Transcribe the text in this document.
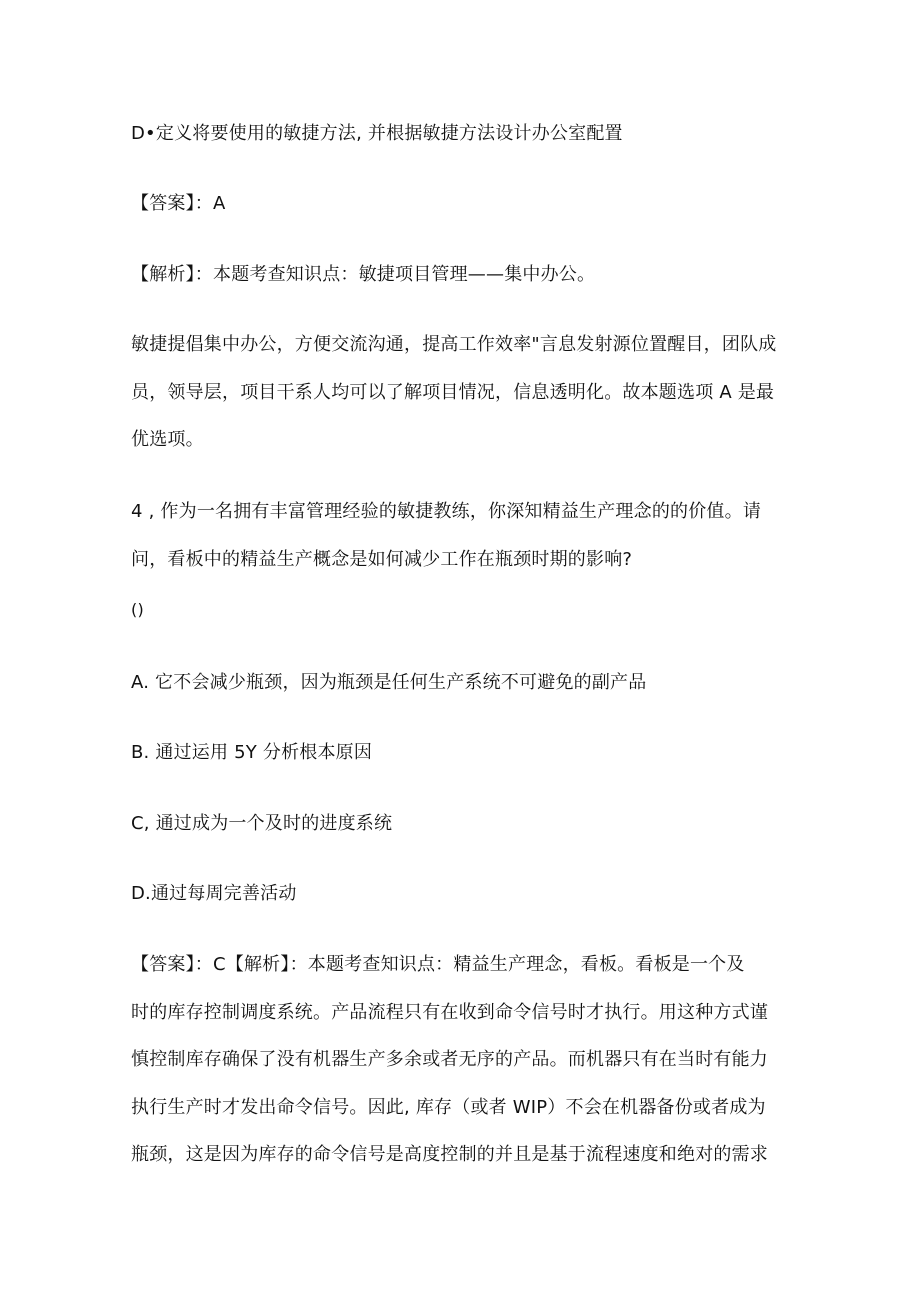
D•定义将要使用的敏捷方法, 并根据敏捷方法设计办公室配置
【答案】：A
【解析】：本题考查知识点：敏捷项目管理——集中办公。
敏捷提倡集中办公，方便交流沟通，提高工作效率"言息发射源位置醒目，团队成
员，领导层，项目干系人均可以了解项目情况，信息透明化。故本题选项 A 是最
优选项。
4 , 作为一名拥有丰富管理经验的敏捷教练，你深知精益生产理念的的价值。请
问，看板中的精益生产概念是如何减少工作在瓶颈时期的影响?
()
A. 它不会减少瓶颈，因为瓶颈是任何生产系统不可避免的副产品
B. 通过运用 5Y 分析根本原因
C, 通过成为一个及时的进度系统
D.通过每周完善活动
【答案】：C【解析】：本题考查知识点：精益生产理念，看板。看板是一个及
时的库存控制调度系统。产品流程只有在收到命令信号时才执行。用这种方式谨
慎控制库存确保了没有机器生产多余或者无序的产品。而机器只有在当时有能力
执行生产时才发出命令信号。因此, 库存（或者 WIP）不会在机器备份或者成为
瓶颈，这是因为库存的命令信号是高度控制的并且是基于流程速度和绝对的需求
